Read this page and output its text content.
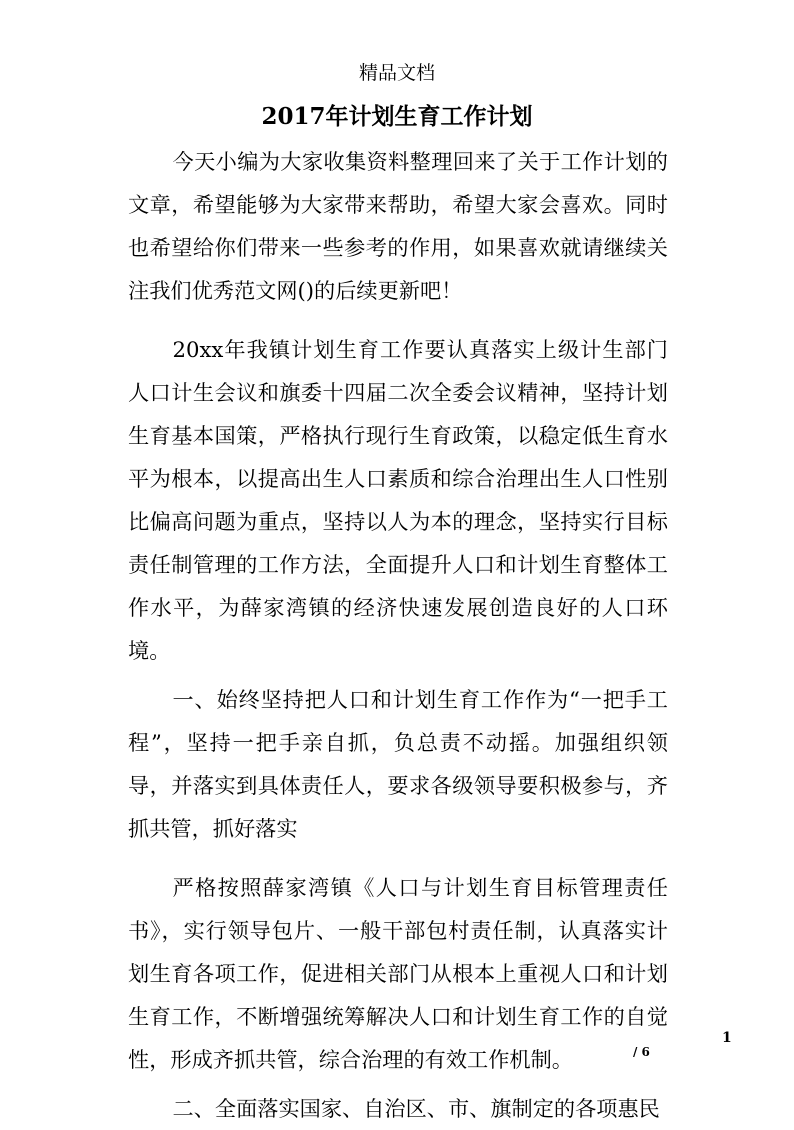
精品文档
2017年计划生育工作计划

今天小编为大家收集资料整理回来了关于工作计划的文章，希望能够为大家带来帮助，希望大家会喜欢。同时也希望给你们带来一些参考的作用，如果喜欢就请继续关注我们优秀范文网()的后续更新吧！

20xx年我镇计划生育工作要认真落实上级计生部门人口计生会议和旗委十四届二次全委会议精神，坚持计划生育基本国策，严格执行现行生育政策，以稳定低生育水平为根本，以提高出生人口素质和综合治理出生人口性别比偏高问题为重点，坚持以人为本的理念，坚持实行目标责任制管理的工作方法，全面提升人口和计划生育整体工作水平，为薛家湾镇的经济快速发展创造良好的人口环境。

一、始终坚持把人口和计划生育工作作为“一把手工程”，坚持一把手亲自抓，负总责不动摇。加强组织领导，并落实到具体责任人，要求各级领导要积极参与，齐抓共管，抓好落实

严格按照薛家湾镇《人口与计划生育目标管理责任书》，实行领导包片、一般干部包村责任制，认真落实计划生育各项工作，促进相关部门从根本上重视人口和计划生育工作，不断增强统筹解决人口和计划生育工作的自觉性，形成齐抓共管，综合治理的有效工作机制。

二、全面落实国家、自治区、市、旗制定的各项惠民

1
/ 6
